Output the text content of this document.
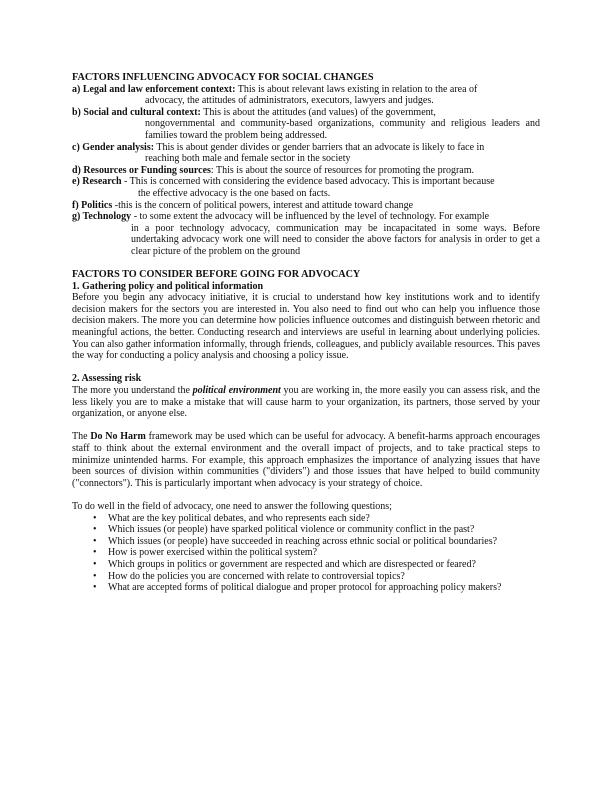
FACTORS INFLUENCING ADVOCACY FOR SOCIAL CHANGES
a) Legal and law enforcement context: This is about relevant laws existing in relation to the area of
advocacy, the attitudes of administrators, executors, lawyers and judges.
b) Social and cultural context: This is about the attitudes (and values) of the government,
nongovernmental and community-based organizations, community and religious leaders and families toward the problem being addressed.
c) Gender analysis: This is about gender divides or gender barriers that an advocate is likely to face in
reaching both male and female sector in the society
d) Resources or Funding sources: This is about the source of resources for promoting the program.
e) Research - This is concerned with considering the evidence based advocacy. This is important because
the effective advocacy is the one based on facts.
f) Politics -this is the concern of political powers, interest and attitude toward change
g) Technology - to some extent the advocacy will be influenced by the level of technology. For example
in a poor technology advocacy, communication may be incapacitated in some ways. Before undertaking advocacy work one will need to consider the above factors for analysis in order to get a clear picture of the problem on the ground
FACTORS TO CONSIDER BEFORE GOING FOR ADVOCACY
1. Gathering policy and political information

Before you begin any advocacy initiative, it is crucial to understand how key institutions work and to identify decision makers for the sectors you are interested in. You also need to find out who can help you influence those decision makers. The more you can determine how policies influence outcomes and distinguish between rhetoric and meaningful actions, the better. Conducting research and interviews are useful in learning about underlying policies. You can also gather information informally, through friends, colleagues, and publicly available resources. This paves the way for conducting a policy analysis and choosing a policy issue.

2. Assessing risk

The more you understand the political environment you are working in, the more easily you can assess risk, and the less likely you are to make a mistake that will cause harm to your organization, its partners, those served by your organization, or anyone else.

The Do No Harm framework may be used which can be useful for advocacy. A benefit-harms approach encourages staff to think about the external environment and the overall impact of projects, and to take practical steps to minimize unintended harms. For example, this approach emphasizes the importance of analyzing issues that have been sources of division within communities ("dividers") and those issues that have helped to build community ("connectors"). This is particularly important when advocacy is your strategy of choice.

To do well in the field of advocacy, one need to answer the following questions;

• What are the key political debates, and who represents each side?
• Which issues (or people) have sparked political violence or community conflict in the past?
• Which issues (or people) have succeeded in reaching across ethnic social or political boundaries?
• How is power exercised within the political system?
• Which groups in politics or government are respected and which are disrespected or feared?
• How do the policies you are concerned with relate to controversial topics?
• What are accepted forms of political dialogue and proper protocol for approaching policy makers?
